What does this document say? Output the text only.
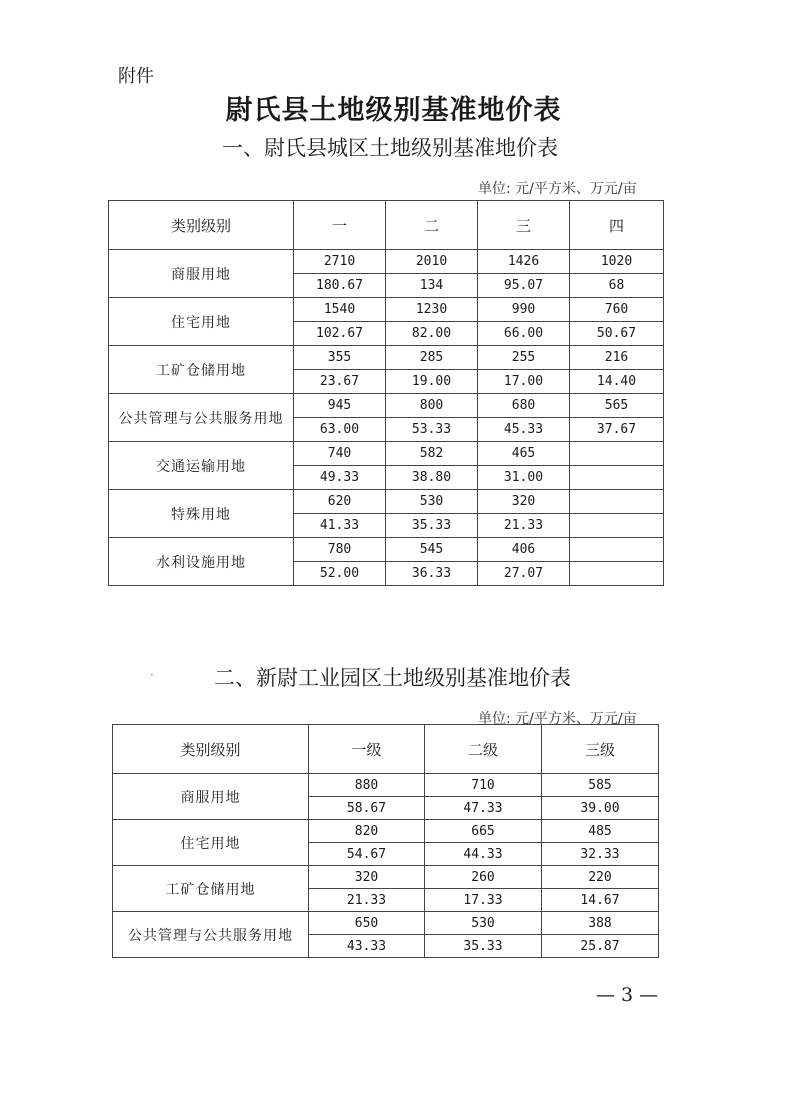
附件
尉氏县土地级别基准地价表
一、尉氏县城区土地级别基准地价表
单位: 元/平方米、万元/亩
类别级别	一	二	三	四
商服用地	2710	2010	1426	1020
	180.67	134	95.07	68
住宅用地	1540	1230	990	760
	102.67	82.00	66.00	50.67
工矿仓储用地	355	285	255	216
	23.67	19.00	17.00	14.40
公共管理与公共服务用地	945	800	680	565
	63.00	53.33	45.33	37.67
交通运输用地	740	582	465	
	49.33	38.80	31.00	
特殊用地	620	530	320	
	41.33	35.33	21.33	
水利设施用地	780	545	406	
	52.00	36.33	27.07	
·	二、新尉工业园区土地级别基准地价表
单位: 元/平方米、万元/亩
类别级别	一级	二级	三级
商服用地	880	710	585
	58.67	47.33	39.00
住宅用地	820	665	485
	54.67	44.33	32.33
工矿仓储用地	320	260	220
	21.33	17.33	14.67
公共管理与公共服务用地	650	530	388
	43.33	35.33	25.87
— 3 —
